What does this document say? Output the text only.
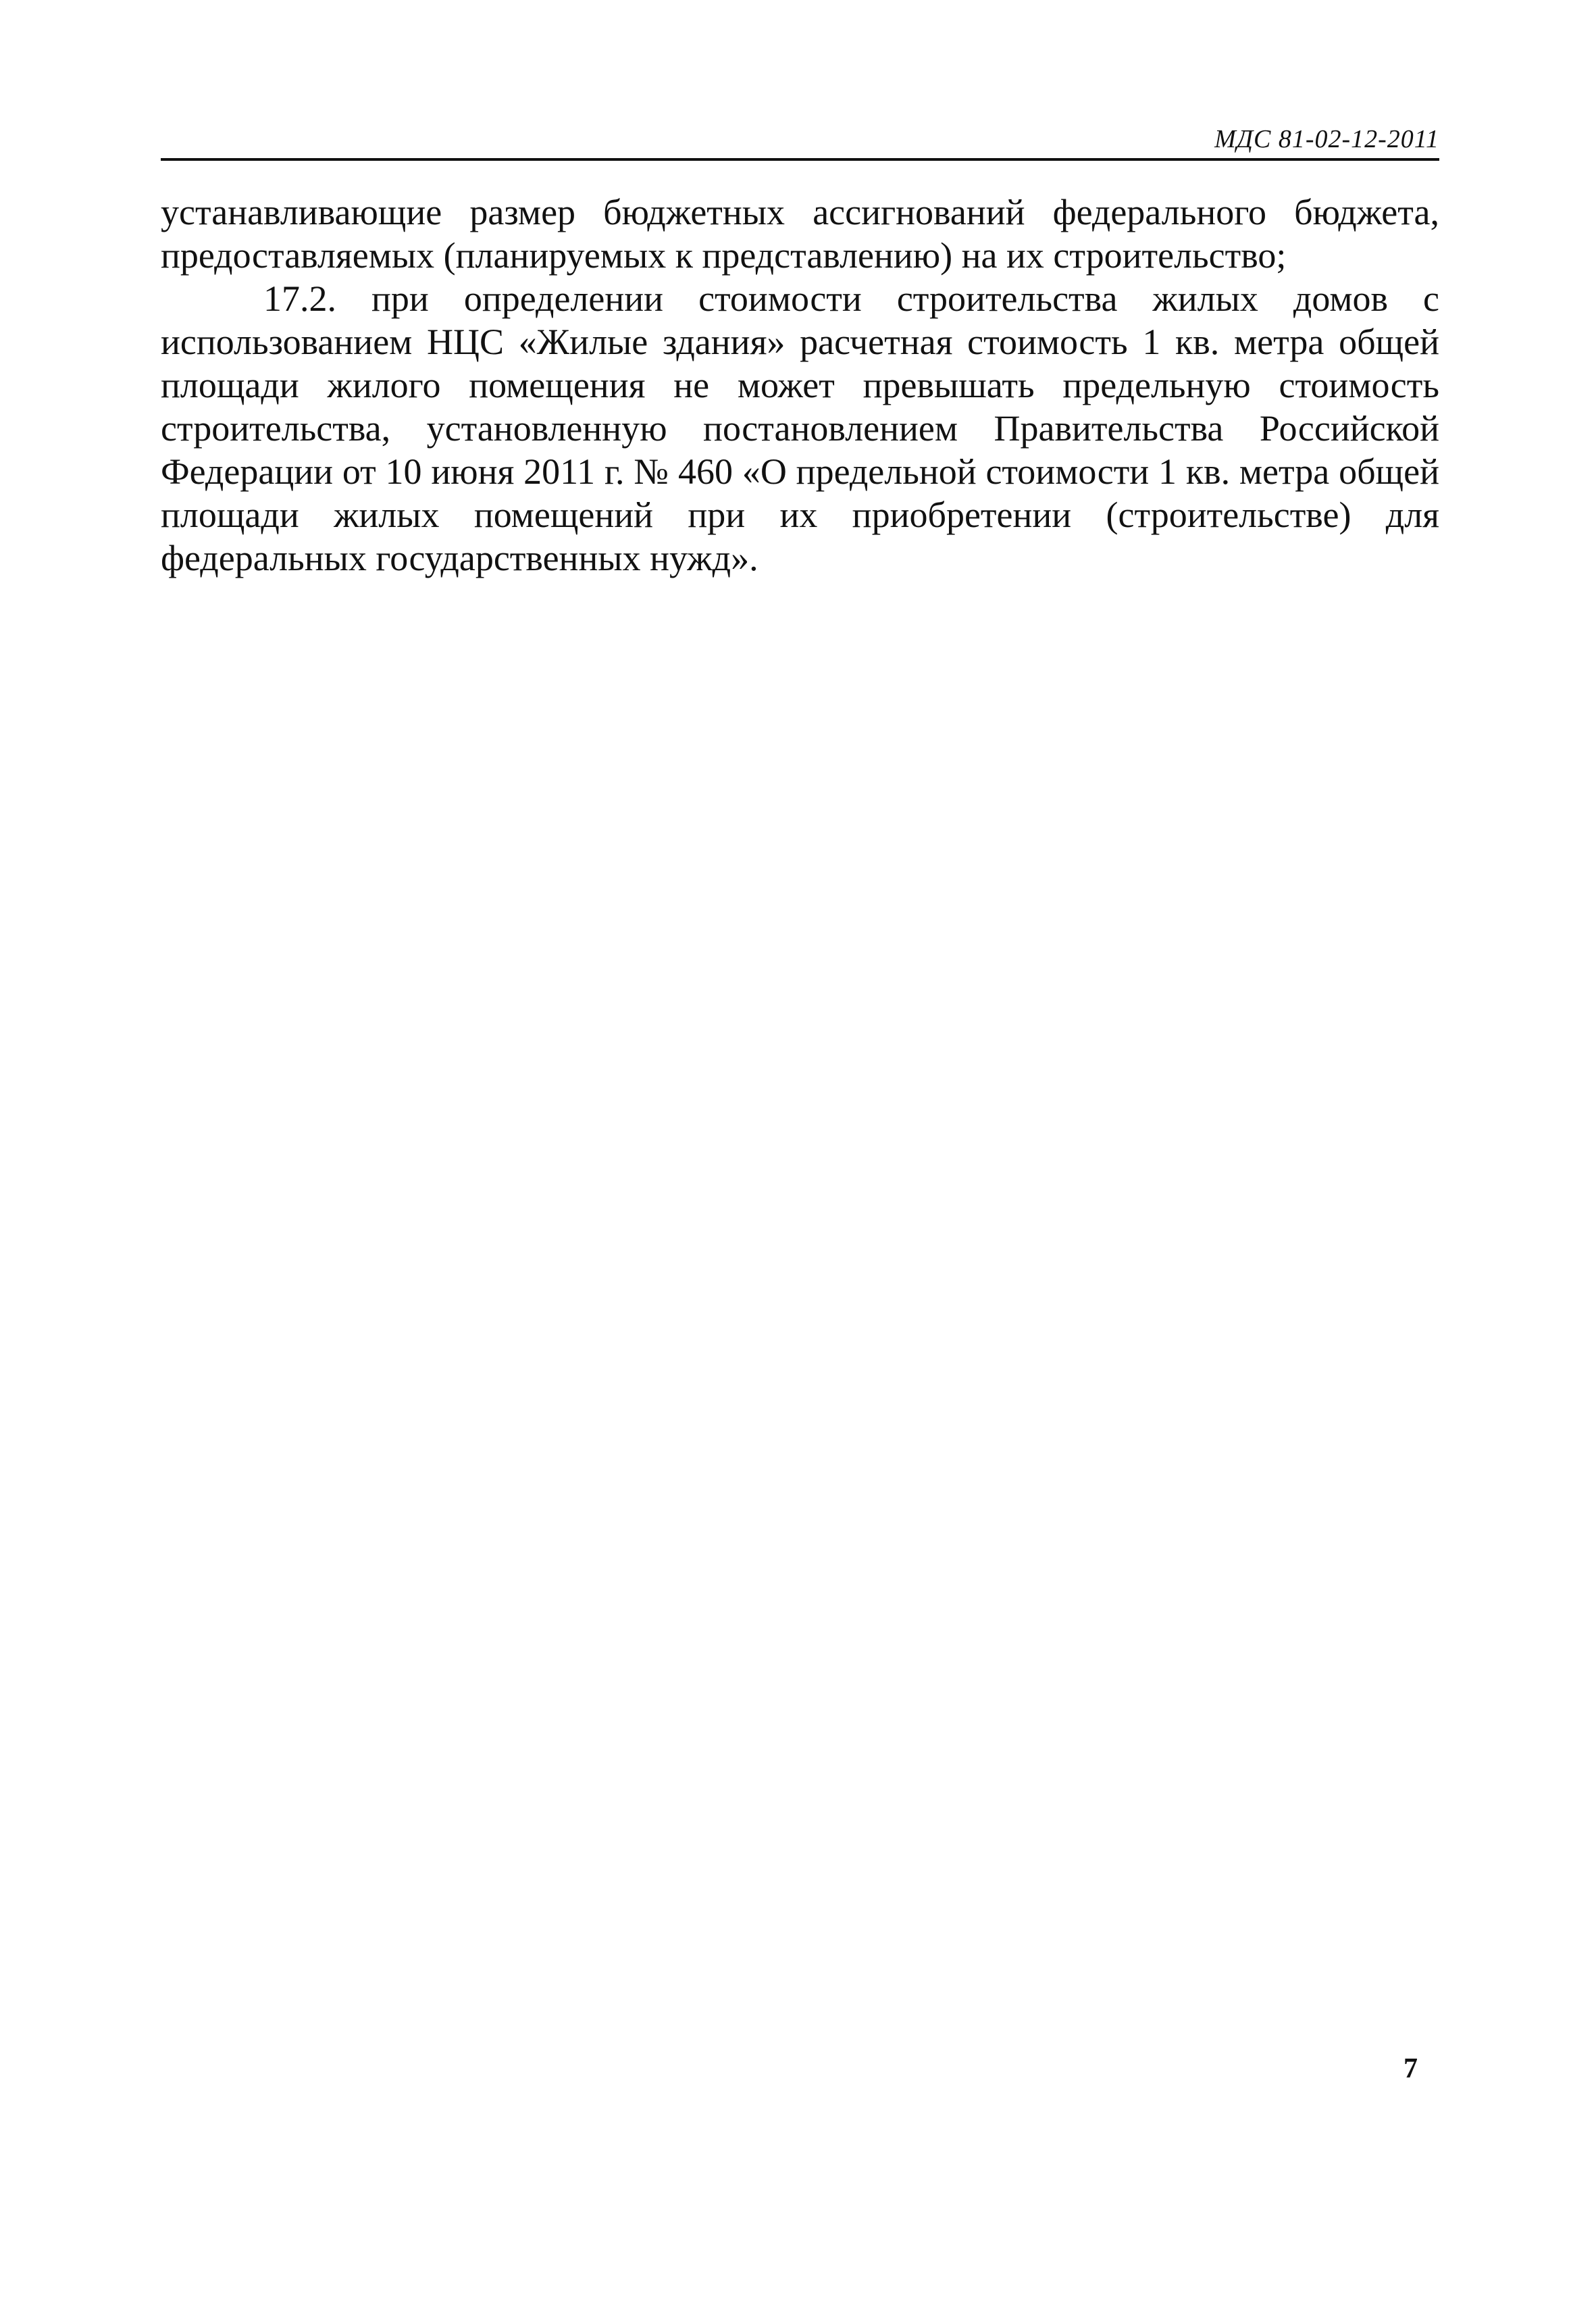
МДС 81-02-12-2011

устанавливающие размер бюджетных ассигнований федерального бюджета, предоставляемых (планируемых к представлению) на их строительство;

17.2. при определении стоимости строительства жилых домов с использованием НЦС «Жилые здания» расчетная стоимость 1 кв. метра общей площади жилого помещения не может превышать предельную стоимость строительства, установленную постановлением Правительства Российской Федерации от 10 июня 2011 г. № 460 «О предельной стоимости 1 кв. метра общей площади жилых помещений при их приобретении (строительстве) для федеральных государственных нужд».

7
